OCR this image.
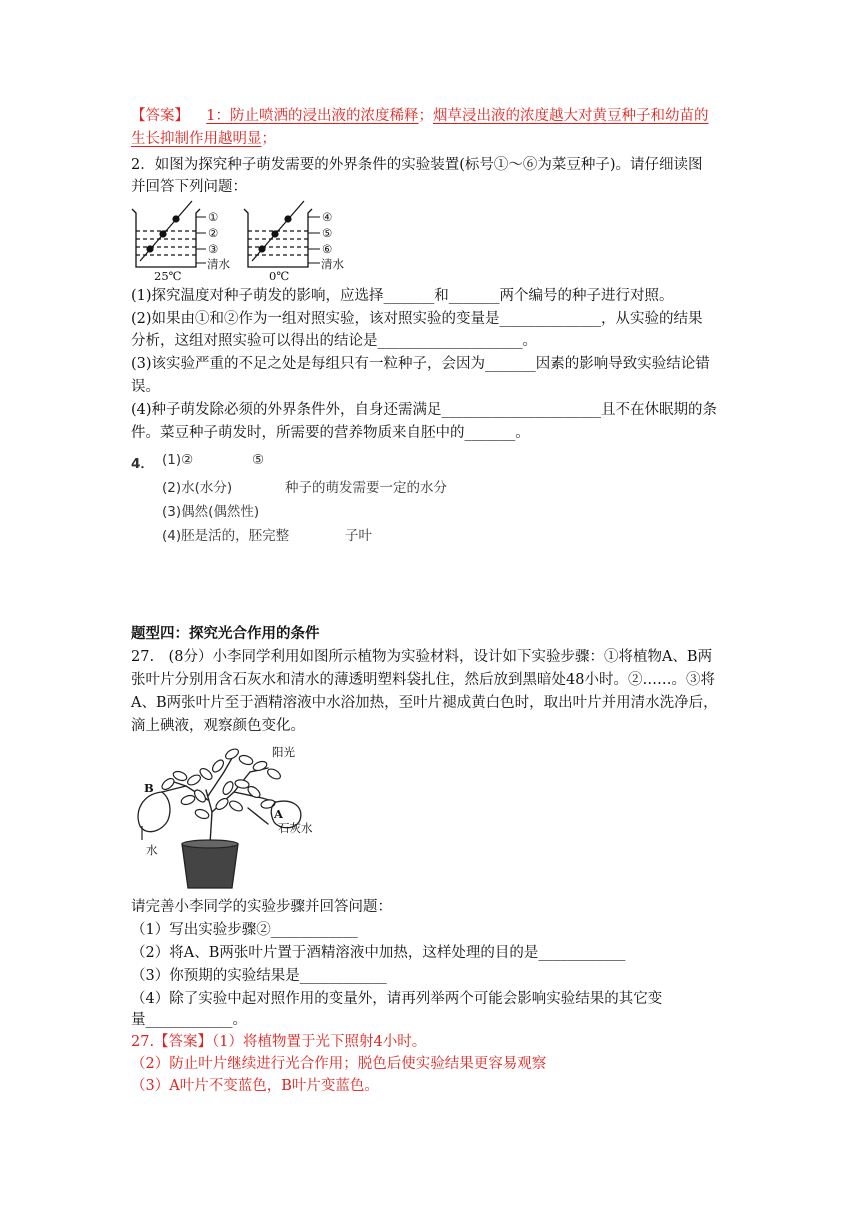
【答案】 1：防止喷洒的浸出液的浓度稀释；烟草浸出液的浓度越大对黄豆种子和幼苗的
生长抑制作用越明显；
2．如图为探究种子萌发需要的外界条件的实验装置(标号①～⑥为菜豆种子)。请仔细读图
并回答下列问题：
①
②
③
清水
25℃
④
⑤
⑥
清水
0℃
(1)探究温度对种子萌发的影响，应选择_______和_______两个编号的种子进行对照。
(2)如果由①和②作为一组对照实验，该对照实验的变量是______________，从实验的结果
分析，这组对照实验可以得出的结论是____________________。
(3)该实验严重的不足之处是每组只有一粒种子，会因为_______因素的影响导致实验结论错
误。
(4)种子萌发除必须的外界条件外，自身还需满足______________________且不在休眠期的条
件。菜豆种子萌发时，所需要的营养物质来自胚中的_______。
4． (1)②	⑤
(2)水(水分)	种子的萌发需要一定的水分
(3)偶然(偶然性)
(4)胚是活的，胚完整	子叶
题型四：探究光合作用的条件
27.　(8分）小李同学利用如图所示植物为实验材料，设计如下实验步骤：①将植物A、B两
张叶片分别用含石灰水和清水的薄透明塑料袋扎住，然后放到黑暗处48小时。②……。③将
A、B两张叶片至于酒精溶液中水浴加热，至叶片褪成黄白色时，取出叶片并用清水洗净后，
滴上碘液，观察颜色变化。
阳光
B
A
石灰水
水
请完善小李同学的实验步骤并回答问题：
（1）写出实验步骤②____________
（2）将A、B两张叶片置于酒精溶液中加热，这样处理的目的是____________
（3）你预期的实验结果是____________
（4）除了实验中起对照作用的变量外，请再列举两个可能会影响实验结果的其它变
量____________。
27.【答案】（1）将植物置于光下照射4小时。
（2）防止叶片继续进行光合作用；脱色后使实验结果更容易观察
（3）A叶片不变蓝色，B叶片变蓝色。
